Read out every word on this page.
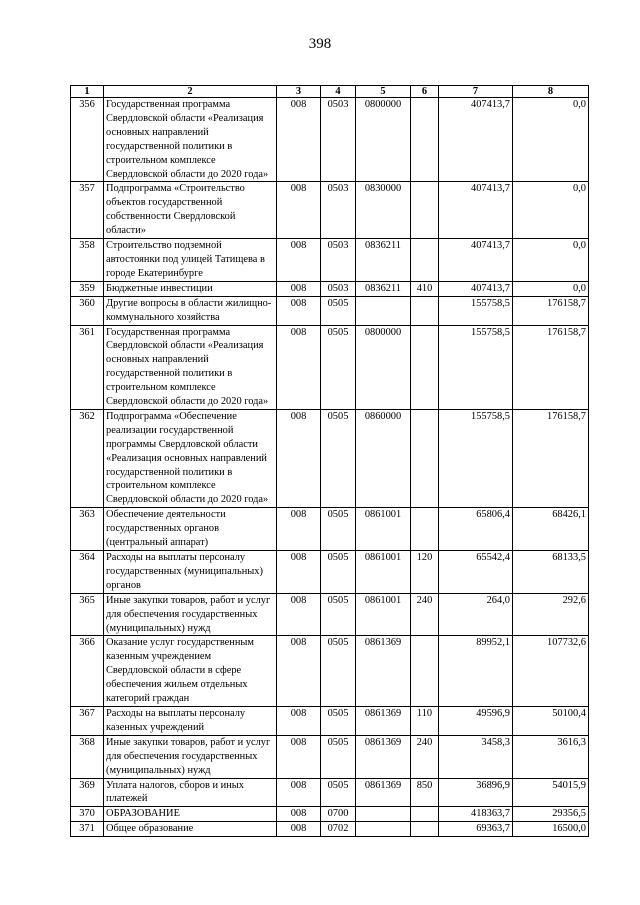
398
1	2	3	4	5	6	7	8
356	Государственная программа Свердловской области «Реализация основных направлений государственной политики в строительном комплексе Свердловской области до 2020 года»	008	0503	0800000		407413,7	0,0
357	Подпрограмма «Строительство объектов государственной собственности Свердловской области»	008	0503	0830000		407413,7	0,0
358	Строительство подземной автостоянки под улицей Татищева в городе Екатеринбурге	008	0503	0836211		407413,7	0,0
359	Бюджетные инвестиции	008	0503	0836211	410	407413,7	0,0
360	Другие вопросы в области жилищно-коммунального хозяйства	008	0505			155758,5	176158,7
361	Государственная программа Свердловской области «Реализация основных направлений государственной политики в строительном комплексе Свердловской области до 2020 года»	008	0505	0800000		155758,5	176158,7
362	Подпрограмма «Обеспечение реализации государственной программы Свердловской области «Реализация основных направлений государственной политики в строительном комплексе Свердловской области до 2020 года»	008	0505	0860000		155758,5	176158,7
363	Обеспечение деятельности государственных органов (центральный аппарат)	008	0505	0861001		65806,4	68426,1
364	Расходы на выплаты персоналу государственных (муниципальных) органов	008	0505	0861001	120	65542,4	68133,5
365	Иные закупки товаров, работ и услуг для обеспечения государственных (муниципальных) нужд	008	0505	0861001	240	264,0	292,6
366	Оказание услуг государственным казенным учреждением Свердловской области в сфере обеспечения жильем отдельных категорий граждан	008	0505	0861369		89952,1	107732,6
367	Расходы на выплаты персоналу казенных учреждений	008	0505	0861369	110	49596,9	50100,4
368	Иные закупки товаров, работ и услуг для обеспечения государственных (муниципальных) нужд	008	0505	0861369	240	3458,3	3616,3
369	Уплата налогов, сборов и иных платежей	008	0505	0861369	850	36896,9	54015,9
370	ОБРАЗОВАНИЕ	008	0700			418363,7	29356,5
371	Общее образование	008	0702			69363,7	16500,0
